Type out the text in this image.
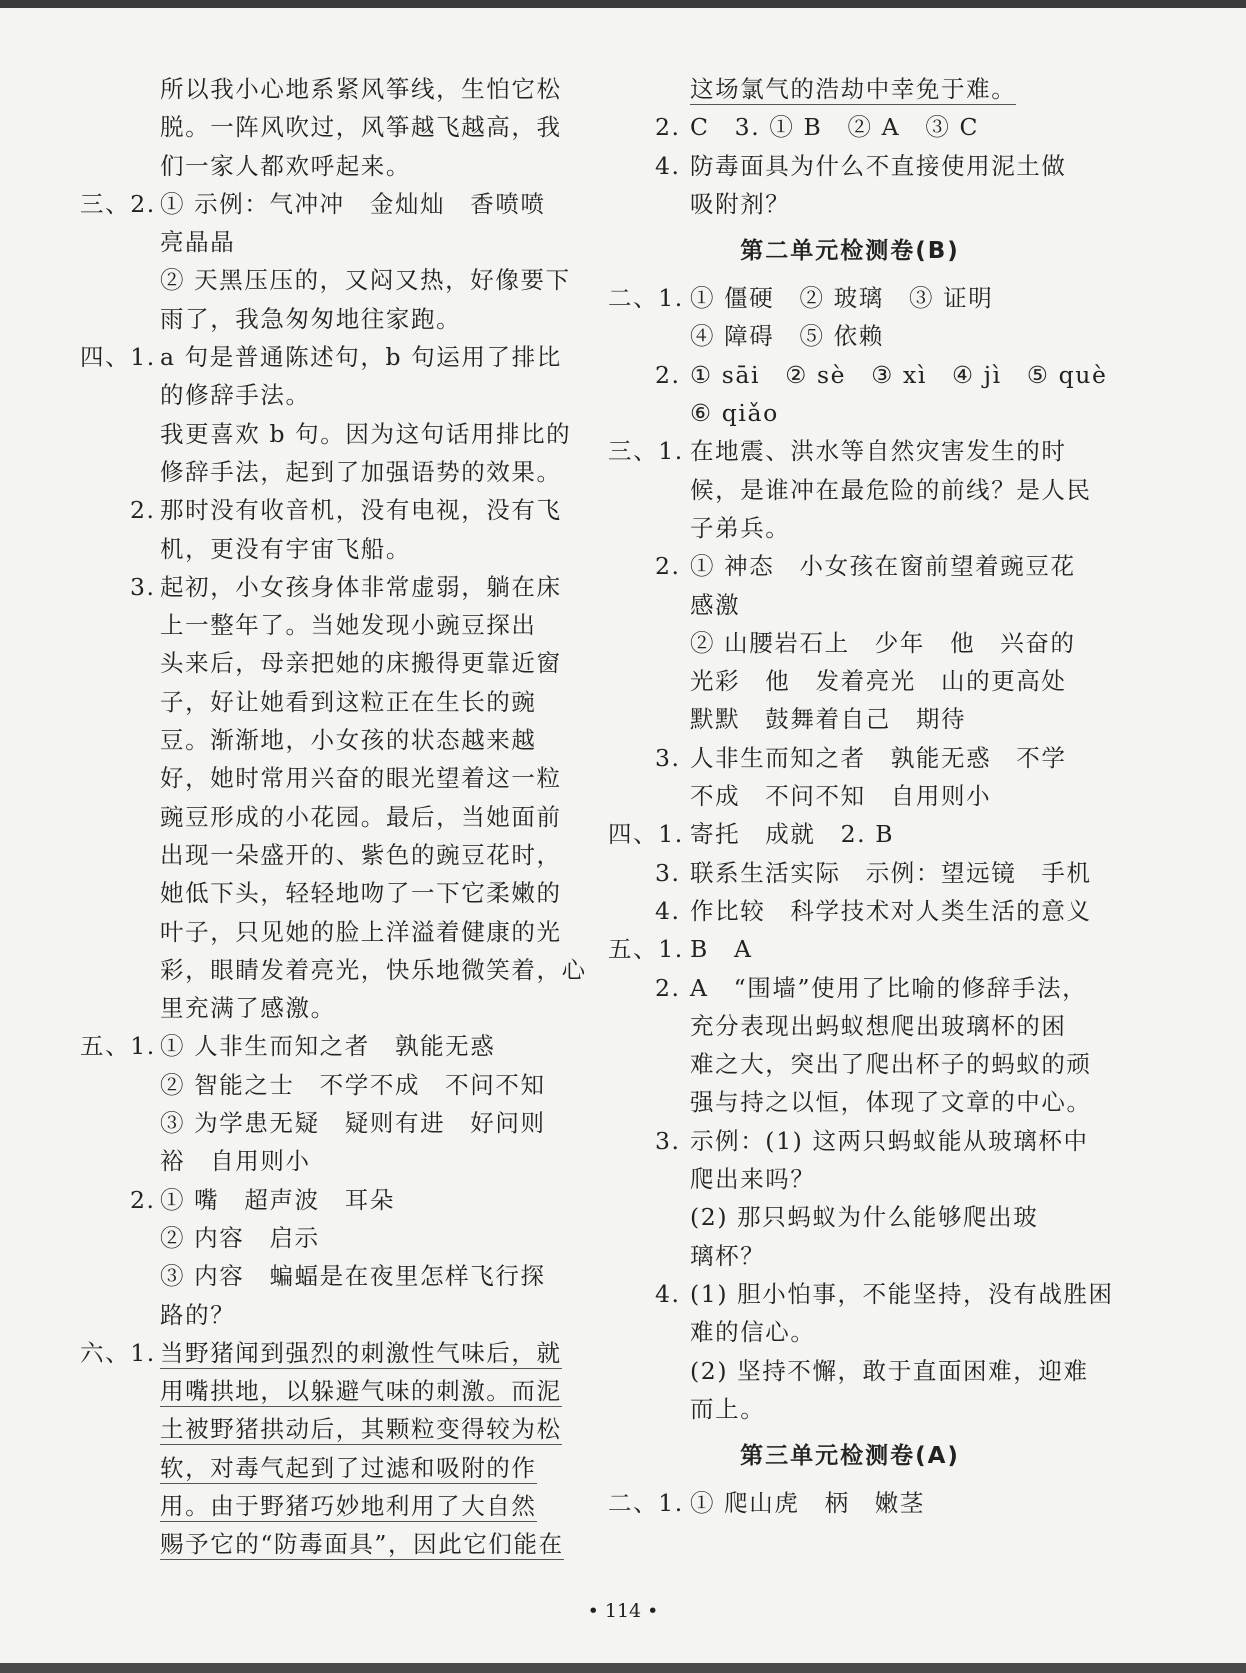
所以我小心地系紧风筝线，生怕它松
脱。一阵风吹过，风筝越飞越高，我
们一家人都欢呼起来。
三、2. ① 示例：气冲冲　金灿灿　香喷喷
亮晶晶
② 天黑压压的，又闷又热，好像要下
雨了，我急匆匆地往家跑。
四、1. a 句是普通陈述句，b 句运用了排比
的修辞手法。
我更喜欢 b 句。因为这句话用排比的
修辞手法，起到了加强语势的效果。
2. 那时没有收音机，没有电视，没有飞
机，更没有宇宙飞船。
3. 起初，小女孩身体非常虚弱，躺在床
上一整年了。当她发现小豌豆探出
头来后，母亲把她的床搬得更靠近窗
子，好让她看到这粒正在生长的豌
豆。渐渐地，小女孩的状态越来越
好，她时常用兴奋的眼光望着这一粒
豌豆形成的小花园。最后，当她面前
出现一朵盛开的、紫色的豌豆花时，
她低下头，轻轻地吻了一下它柔嫩的
叶子，只见她的脸上洋溢着健康的光
彩，眼睛发着亮光，快乐地微笑着，心
里充满了感激。
五、1. ① 人非生而知之者　孰能无惑
② 智能之士　不学不成　不问不知
③ 为学患无疑　疑则有进　好问则
裕　自用则小
2. ① 嘴　超声波　耳朵
② 内容　启示
③ 内容　蝙蝠是在夜里怎样飞行探
路的？
六、1. 当野猪闻到强烈的刺激性气味后，就
用嘴拱地，以躲避气味的刺激。而泥
土被野猪拱动后，其颗粒变得较为松
软，对毒气起到了过滤和吸附的作
用。由于野猪巧妙地利用了大自然
赐予它的“防毒面具”，因此它们能在
这场氯气的浩劫中幸免于难。
2. C　3. ① B　② A　③ C
4. 防毒面具为什么不直接使用泥土做
吸附剂？
第二单元检测卷(B)
二、1. ① 僵硬　② 玻璃　③ 证明
④ 障碍　⑤ 依赖
2. ① sāi　② sè　③ xì　④ jì　⑤ què
⑥ qiǎo
三、1. 在地震、洪水等自然灾害发生的时
候，是谁冲在最危险的前线？是人民
子弟兵。
2. ① 神态　小女孩在窗前望着豌豆花
感激
② 山腰岩石上　少年　他　兴奋的
光彩　他　发着亮光　山的更高处
默默　鼓舞着自己　期待
3. 人非生而知之者　孰能无惑　不学
不成　不问不知　自用则小
四、1. 寄托　成就　2. B
3. 联系生活实际　示例：望远镜　手机
4. 作比较　科学技术对人类生活的意义
五、1. B　A
2. A　“围墙”使用了比喻的修辞手法，
充分表现出蚂蚁想爬出玻璃杯的困
难之大，突出了爬出杯子的蚂蚁的顽
强与持之以恒，体现了文章的中心。
3. 示例：(1) 这两只蚂蚁能从玻璃杯中
爬出来吗？
(2) 那只蚂蚁为什么能够爬出玻
璃杯？
4. (1) 胆小怕事，不能坚持，没有战胜困
难的信心。
(2) 坚持不懈，敢于直面困难，迎难
而上。
第三单元检测卷(A)
二、1. ① 爬山虎　柄　嫩茎
• 114 •
